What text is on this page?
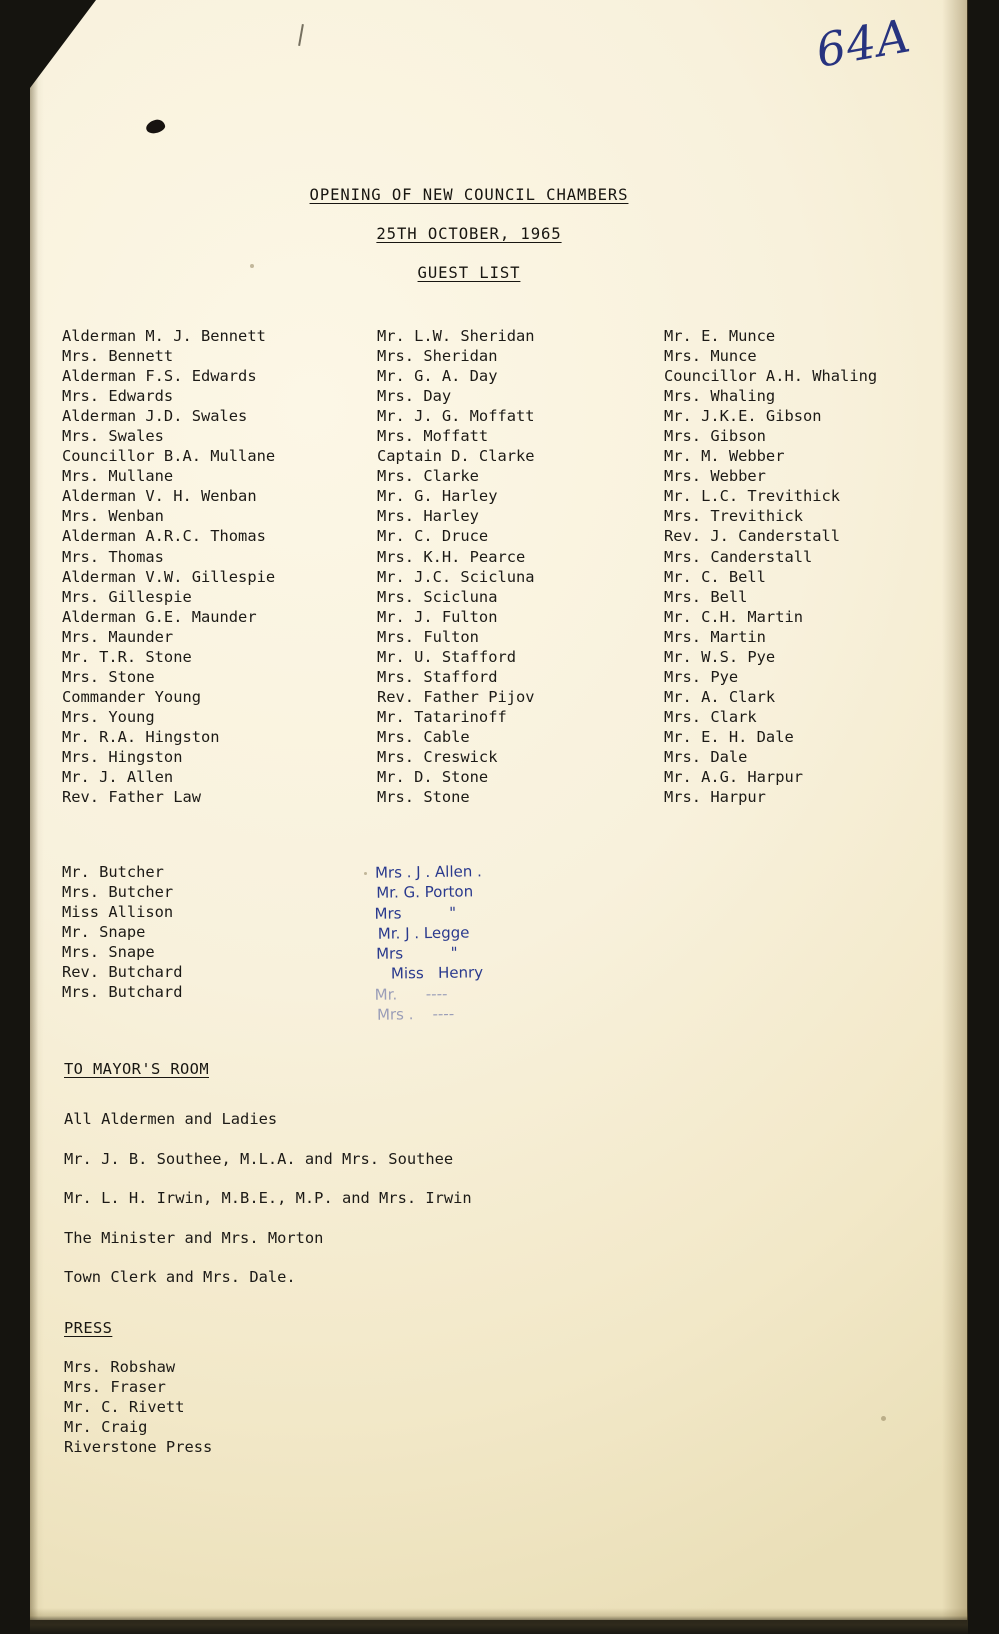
64A
OPENING OF NEW COUNCIL CHAMBERS
25TH OCTOBER, 1965
GUEST LIST
Alderman M. J. Bennett
Mrs. Bennett
Alderman F.S. Edwards
Mrs. Edwards
Alderman J.D. Swales
Mrs. Swales
Councillor B.A. Mullane
Mrs. Mullane
Alderman V. H. Wenban
Mrs. Wenban
Alderman A.R.C. Thomas
Mrs. Thomas
Alderman V.W. Gillespie
Mrs. Gillespie
Alderman G.E. Maunder
Mrs. Maunder
Mr. T.R. Stone
Mrs. Stone
Commander Young
Mrs. Young
Mr. R.A. Hingston
Mrs. Hingston
Mr. J. Allen
Rev. Father Law
Mr. L.W. Sheridan
Mrs. Sheridan
Mr. G. A. Day
Mrs. Day
Mr. J. G. Moffatt
Mrs. Moffatt
Captain D. Clarke
Mrs. Clarke
Mr. G. Harley
Mrs. Harley
Mr. C. Druce
Mrs. K.H. Pearce
Mr. J.C. Scicluna
Mrs. Scicluna
Mr. J. Fulton
Mrs. Fulton
Mr. U. Stafford
Mrs. Stafford
Rev. Father Pijov
Mr. Tatarinoff
Mrs. Cable
Mrs. Creswick
Mr. D. Stone
Mrs. Stone
Mr. E. Munce
Mrs. Munce
Councillor A.H. Whaling
Mrs. Whaling
Mr. J.K.E. Gibson
Mrs. Gibson
Mr. M. Webber
Mrs. Webber
Mr. L.C. Trevithick
Mrs. Trevithick
Rev. J. Canderstall
Mrs. Canderstall
Mr. C. Bell
Mrs. Bell
Mr. C.H. Martin
Mrs. Martin
Mr. W.S. Pye
Mrs. Pye
Mr. A. Clark
Mrs. Clark
Mr. E. H. Dale
Mrs. Dale
Mr. A.G. Harpur
Mrs. Harpur
Mr. Butcher
Mrs. Butcher
Miss Allison
Mr. Snape
Mrs. Snape
Rev. Butchard
Mrs. Butchard
Mrs . J . Allen .
Mr. G. Porton
Mrs          "
Mr. J . Legge
Mrs          "
Miss   Henry
Mr.      ----
Mrs .    ----
TO MAYOR'S ROOM
All Aldermen and Ladies
Mr. J. B. Southee, M.L.A. and Mrs. Southee
Mr. L. H. Irwin, M.B.E., M.P. and Mrs. Irwin
The Minister and Mrs. Morton
Town Clerk and Mrs. Dale.
PRESS
Mrs. Robshaw
Mrs. Fraser
Mr. C. Rivett
Mr. Craig
Riverstone Press
